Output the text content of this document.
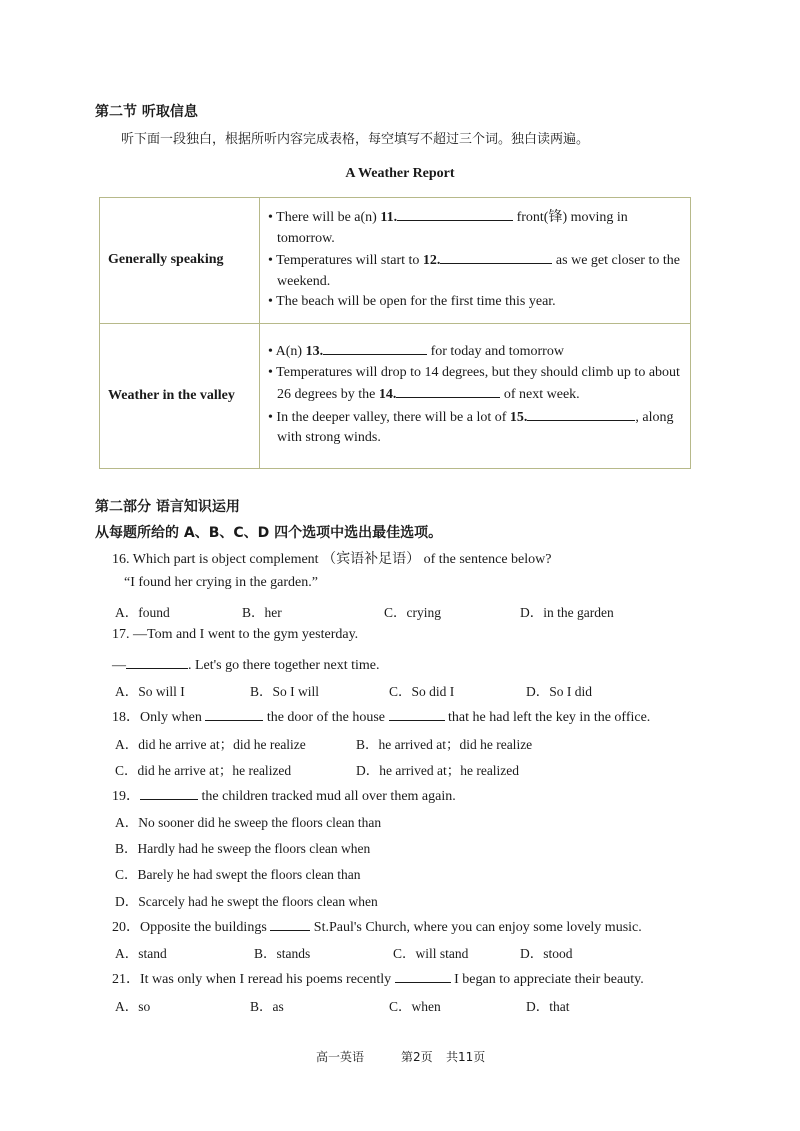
第二节 听取信息
听下面一段独白，根据所听内容完成表格，每空填写不超过三个词。独白读两遍。
A Weather Report
Generally speaking	• There will be a(n) 11. front(锋) moving in tomorrow.
• Temperatures will start to 12. as we get closer to the weekend.
• The beach will be open for the first time this year.

Weather in the valley	• A(n) 13. for today and tomorrow
• Temperatures will drop to 14 degrees, but they should climb up to about 26 degrees by the 14. of next week.
• In the deeper valley, there will be a lot of 15. , along with strong winds.
第二部分 语言知识运用
从每题所给的 A、B、C、D 四个选项中选出最佳选项。
16. Which part is object complement （宾语补足语） of the sentence below?
“I found her crying in the garden.”
A．found	B．her	C．crying	D．in the garden
17. —Tom and I went to the gym yesterday.
—	. Let's go there together next time.
A．So will I	B．So I will	C．So did I	D．So I did
18．Only when	the door of the house	that he had left the key in the office.
A．did he arrive at；did he realize	B．he arrived at；did he realize
C．did he arrive at；he realized	D．he arrived at；he realized
19．	the children tracked mud all over them again.
A．No sooner did he sweep the floors clean than
B．Hardly had he sweep the floors clean when
C．Barely he had swept the floors clean than
D．Scarcely had he swept the floors clean when
20．Opposite the buildings	St.Paul's Church, where you can enjoy some lovely music.
A．stand	B．stands	C．will stand	D．stood
21．It was only when I reread his poems recently	I began to appreciate their beauty.
A．so	B．as	C．when	D．that
高一英语	第2页 共11页
